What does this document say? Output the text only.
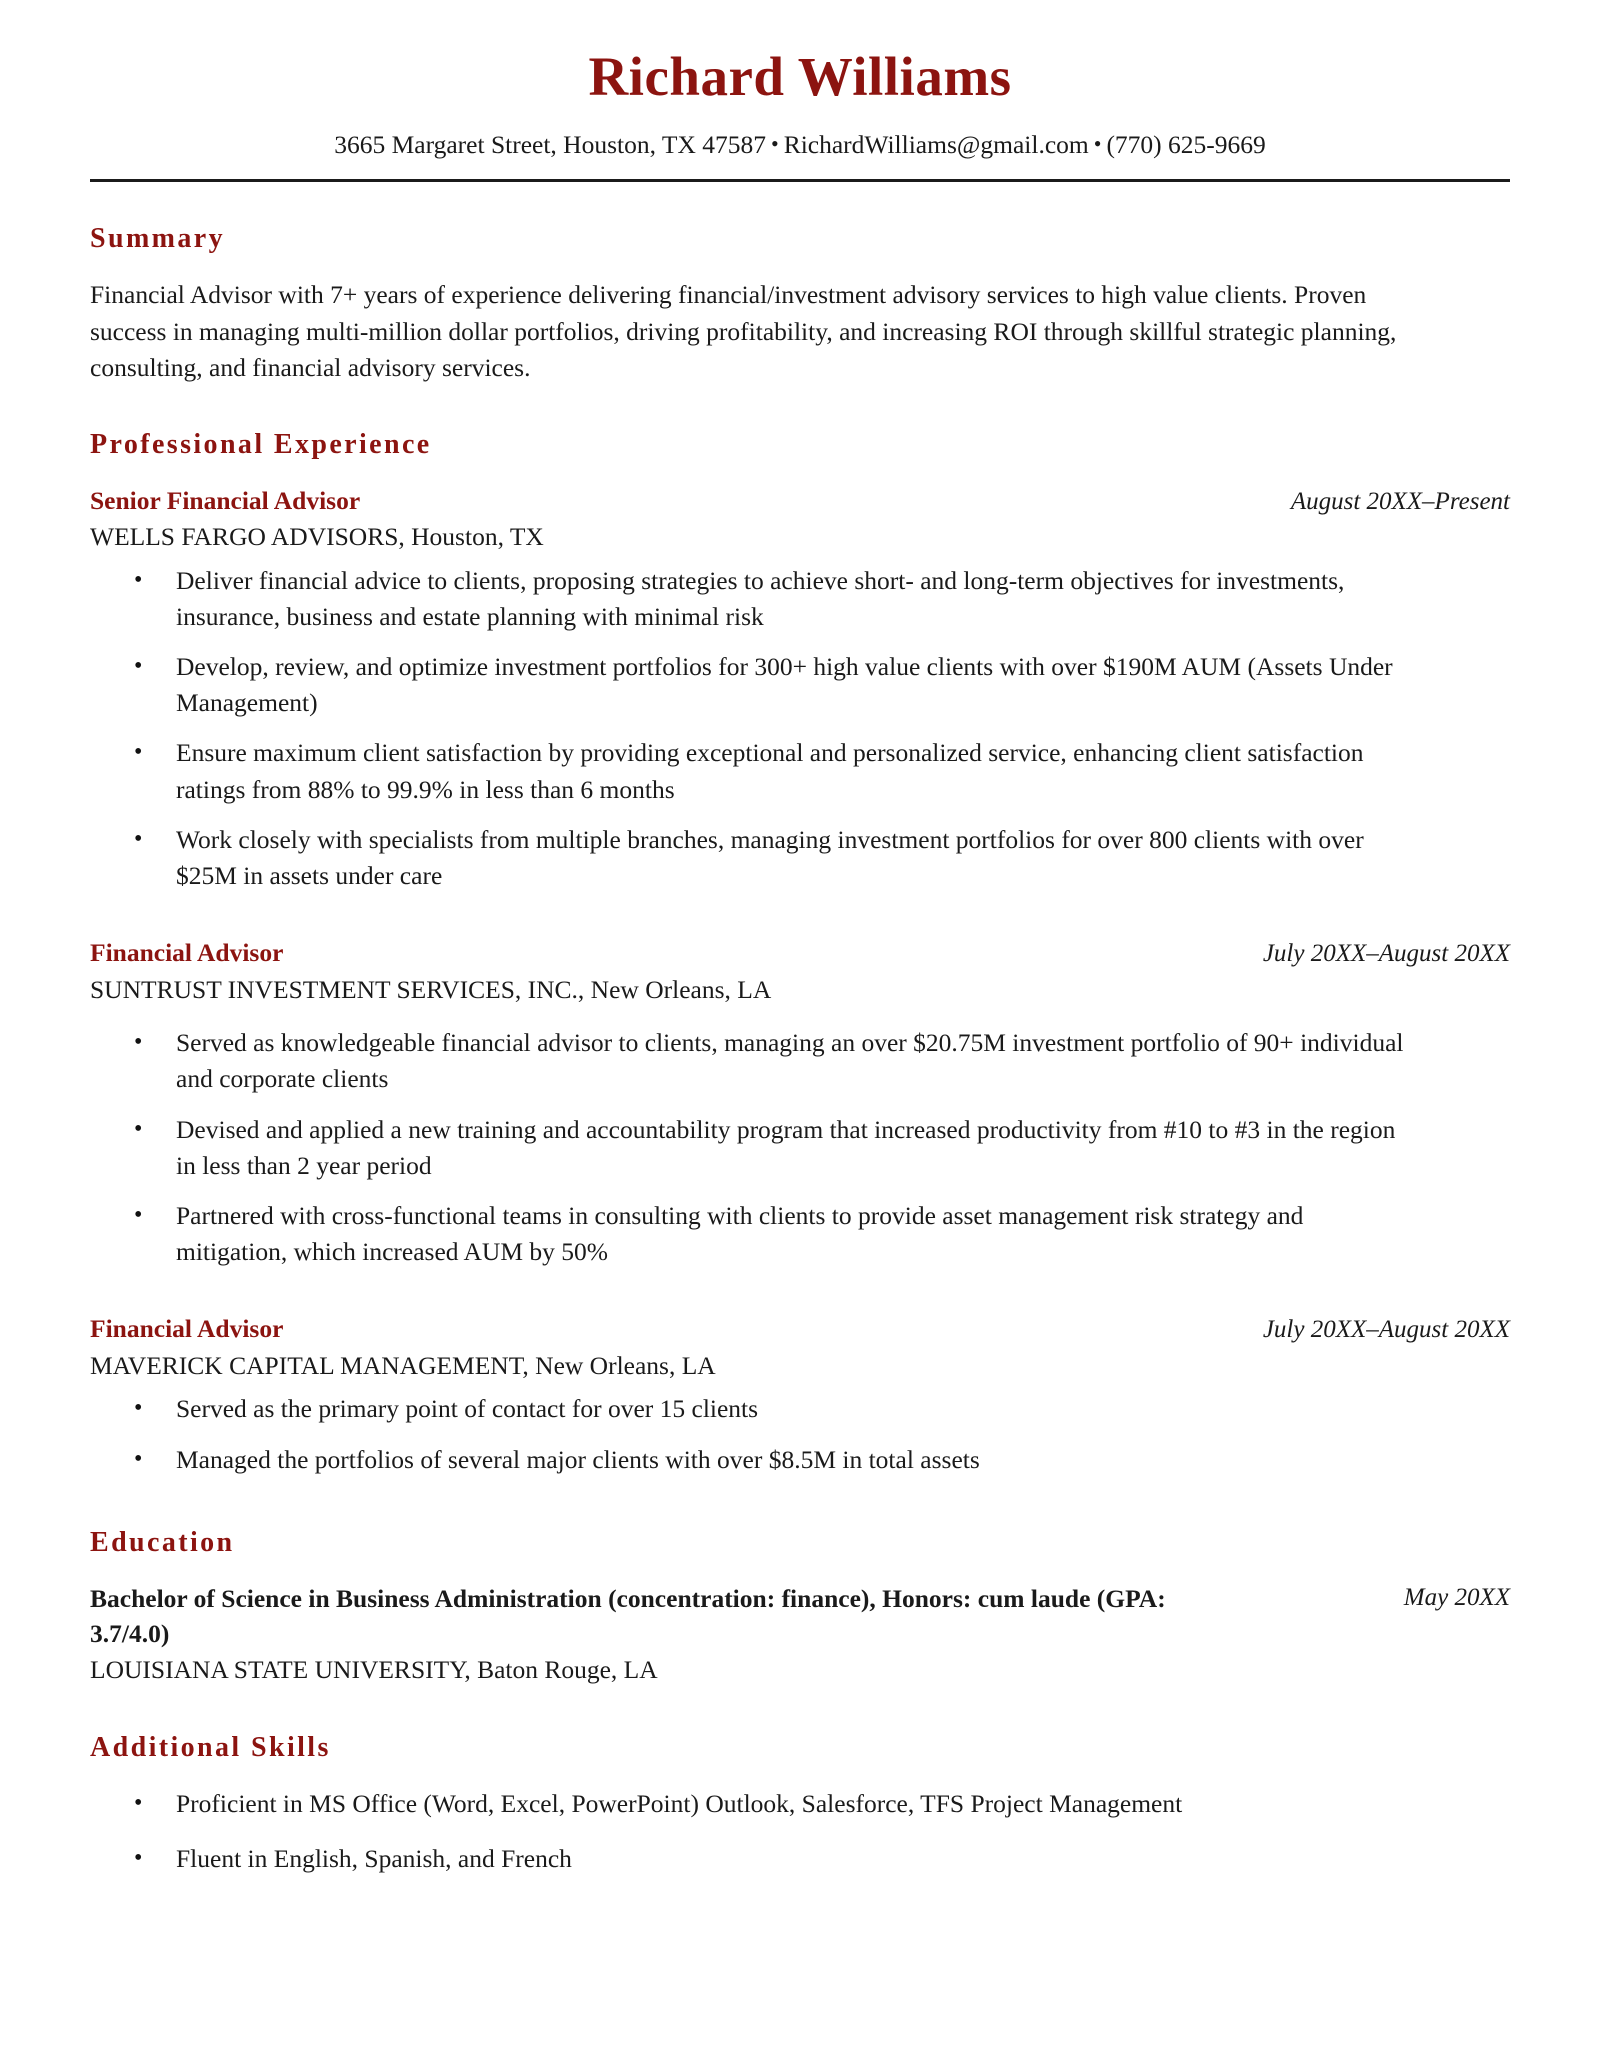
Richard Williams
3665 Margaret Street, Houston, TX 47587 • RichardWilliams@gmail.com • (770) 625-9669
Summary

Financial Advisor with 7+ years of experience delivering financial/investment advisory services to high value clients. Proven success in managing multi-million dollar portfolios, driving profitability, and increasing ROI through skillful strategic planning, consulting, and financial advisory services.

Professional Experience
Senior Financial Advisor	August 20XX–Present
WELLS FARGO ADVISORS, Houston, TX
• Deliver financial advice to clients, proposing strategies to achieve short- and long-term objectives for investments, insurance, business and estate planning with minimal risk
• Develop, review, and optimize investment portfolios for 300+ high value clients with over $190M AUM (Assets Under Management)
• Ensure maximum client satisfaction by providing exceptional and personalized service, enhancing client satisfaction ratings from 88% to 99.9% in less than 6 months
• Work closely with specialists from multiple branches, managing investment portfolios for over 800 clients with over $25M in assets under care
Financial Advisor	July 20XX–August 20XX
SUNTRUST INVESTMENT SERVICES, INC., New Orleans, LA
• Served as knowledgeable financial advisor to clients, managing an over $20.75M investment portfolio of 90+ individual and corporate clients
• Devised and applied a new training and accountability program that increased productivity from #10 to #3 in the region in less than 2 year period
• Partnered with cross-functional teams in consulting with clients to provide asset management risk strategy and mitigation, which increased AUM by 50%
Financial Advisor	July 20XX–August 20XX
MAVERICK CAPITAL MANAGEMENT, New Orleans, LA
• Served as the primary point of contact for over 15 clients
• Managed the portfolios of several major clients with over $8.5M in total assets
Education
Bachelor of Science in Business Administration (concentration: finance), Honors: cum laude (GPA: 3.7/4.0)
May 20XX
LOUISIANA STATE UNIVERSITY, Baton Rouge, LA
Additional Skills
• Proficient in MS Office (Word, Excel, PowerPoint) Outlook, Salesforce, TFS Project Management
• Fluent in English, Spanish, and French
